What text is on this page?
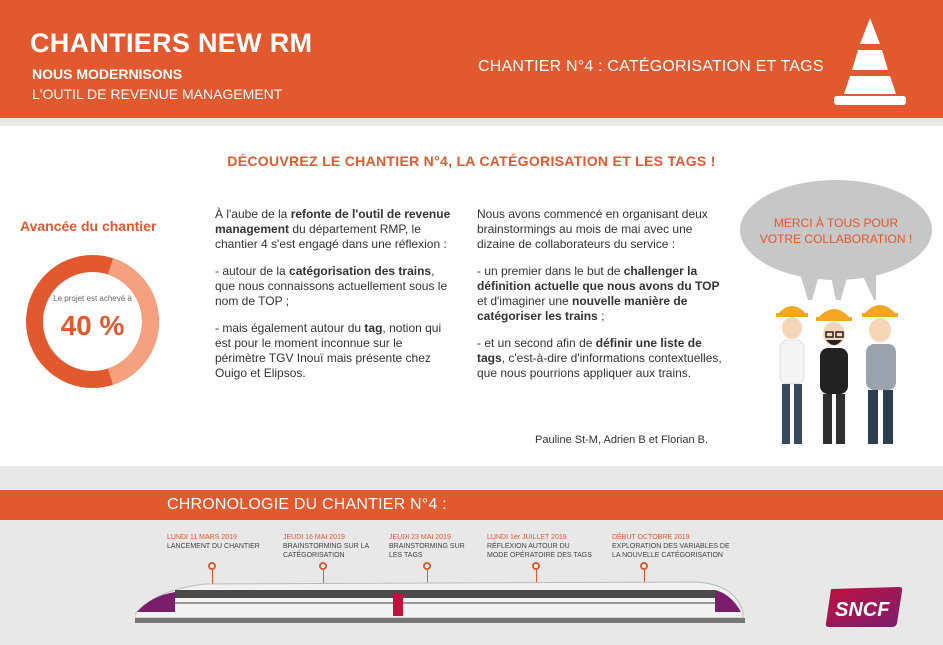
CHANTIERS NEW RM
NOUS MODERNISONS
L'OUTIL DE REVENUE MANAGEMENT
CHANTIER N°4 : CATÉGORISATION ET TAGS
DÉCOUVREZ LE CHANTIER N°4, LA CATÉGORISATION ET LES TAGS !
Avancée du chantier
Le projet est achevé à
40 %

À l'aube de la refonte de l'outil de revenue management du département RMP, le chantier 4 s'est engagé dans une réflexion :

- autour de la catégorisation des trains, que nous connaissons actuellement sous le nom de TOP ;

- mais également autour du tag, notion qui est pour le moment inconnue sur le périmètre TGV Inouï mais présente chez Ouigo et Elipsos.

Nous avons commencé en organisant deux brainstormings au mois de mai avec une dizaine de collaborateurs du service :

- un premier dans le but de challenger la définition actuelle que nous avons du TOP et d'imaginer une nouvelle manière de catégoriser les trains ;

- et un second afin de définir une liste de tags, c'est-à-dire d'informations contextuelles, que nous pourrions appliquer aux trains.

Pauline St-M, Adrien B et Florian B.
MERCI À TOUS POUR
VOTRE COLLABORATION !
CHRONOLOGIE DU CHANTIER N°4 :
LUNDI 11 MARS 2019
LANCEMENT DU CHANTIER

JEUDI 16 MAI 2019
BRAINSTORMING SUR LA
CATÉGORISATION
JEUDI 23 MAI 2019
BRAINSTORMING SUR
LES TAGS
LUNDI 1er JUILLET 2019
RÉFLEXION AUTOUR DU
MODE OPÉRATOIRE DES TAGS
DÉBUT OCTOBRE 2019
EXPLORATION DES VARIABLES DE
LA NOUVELLE CATÉGORISATION
SNCF
